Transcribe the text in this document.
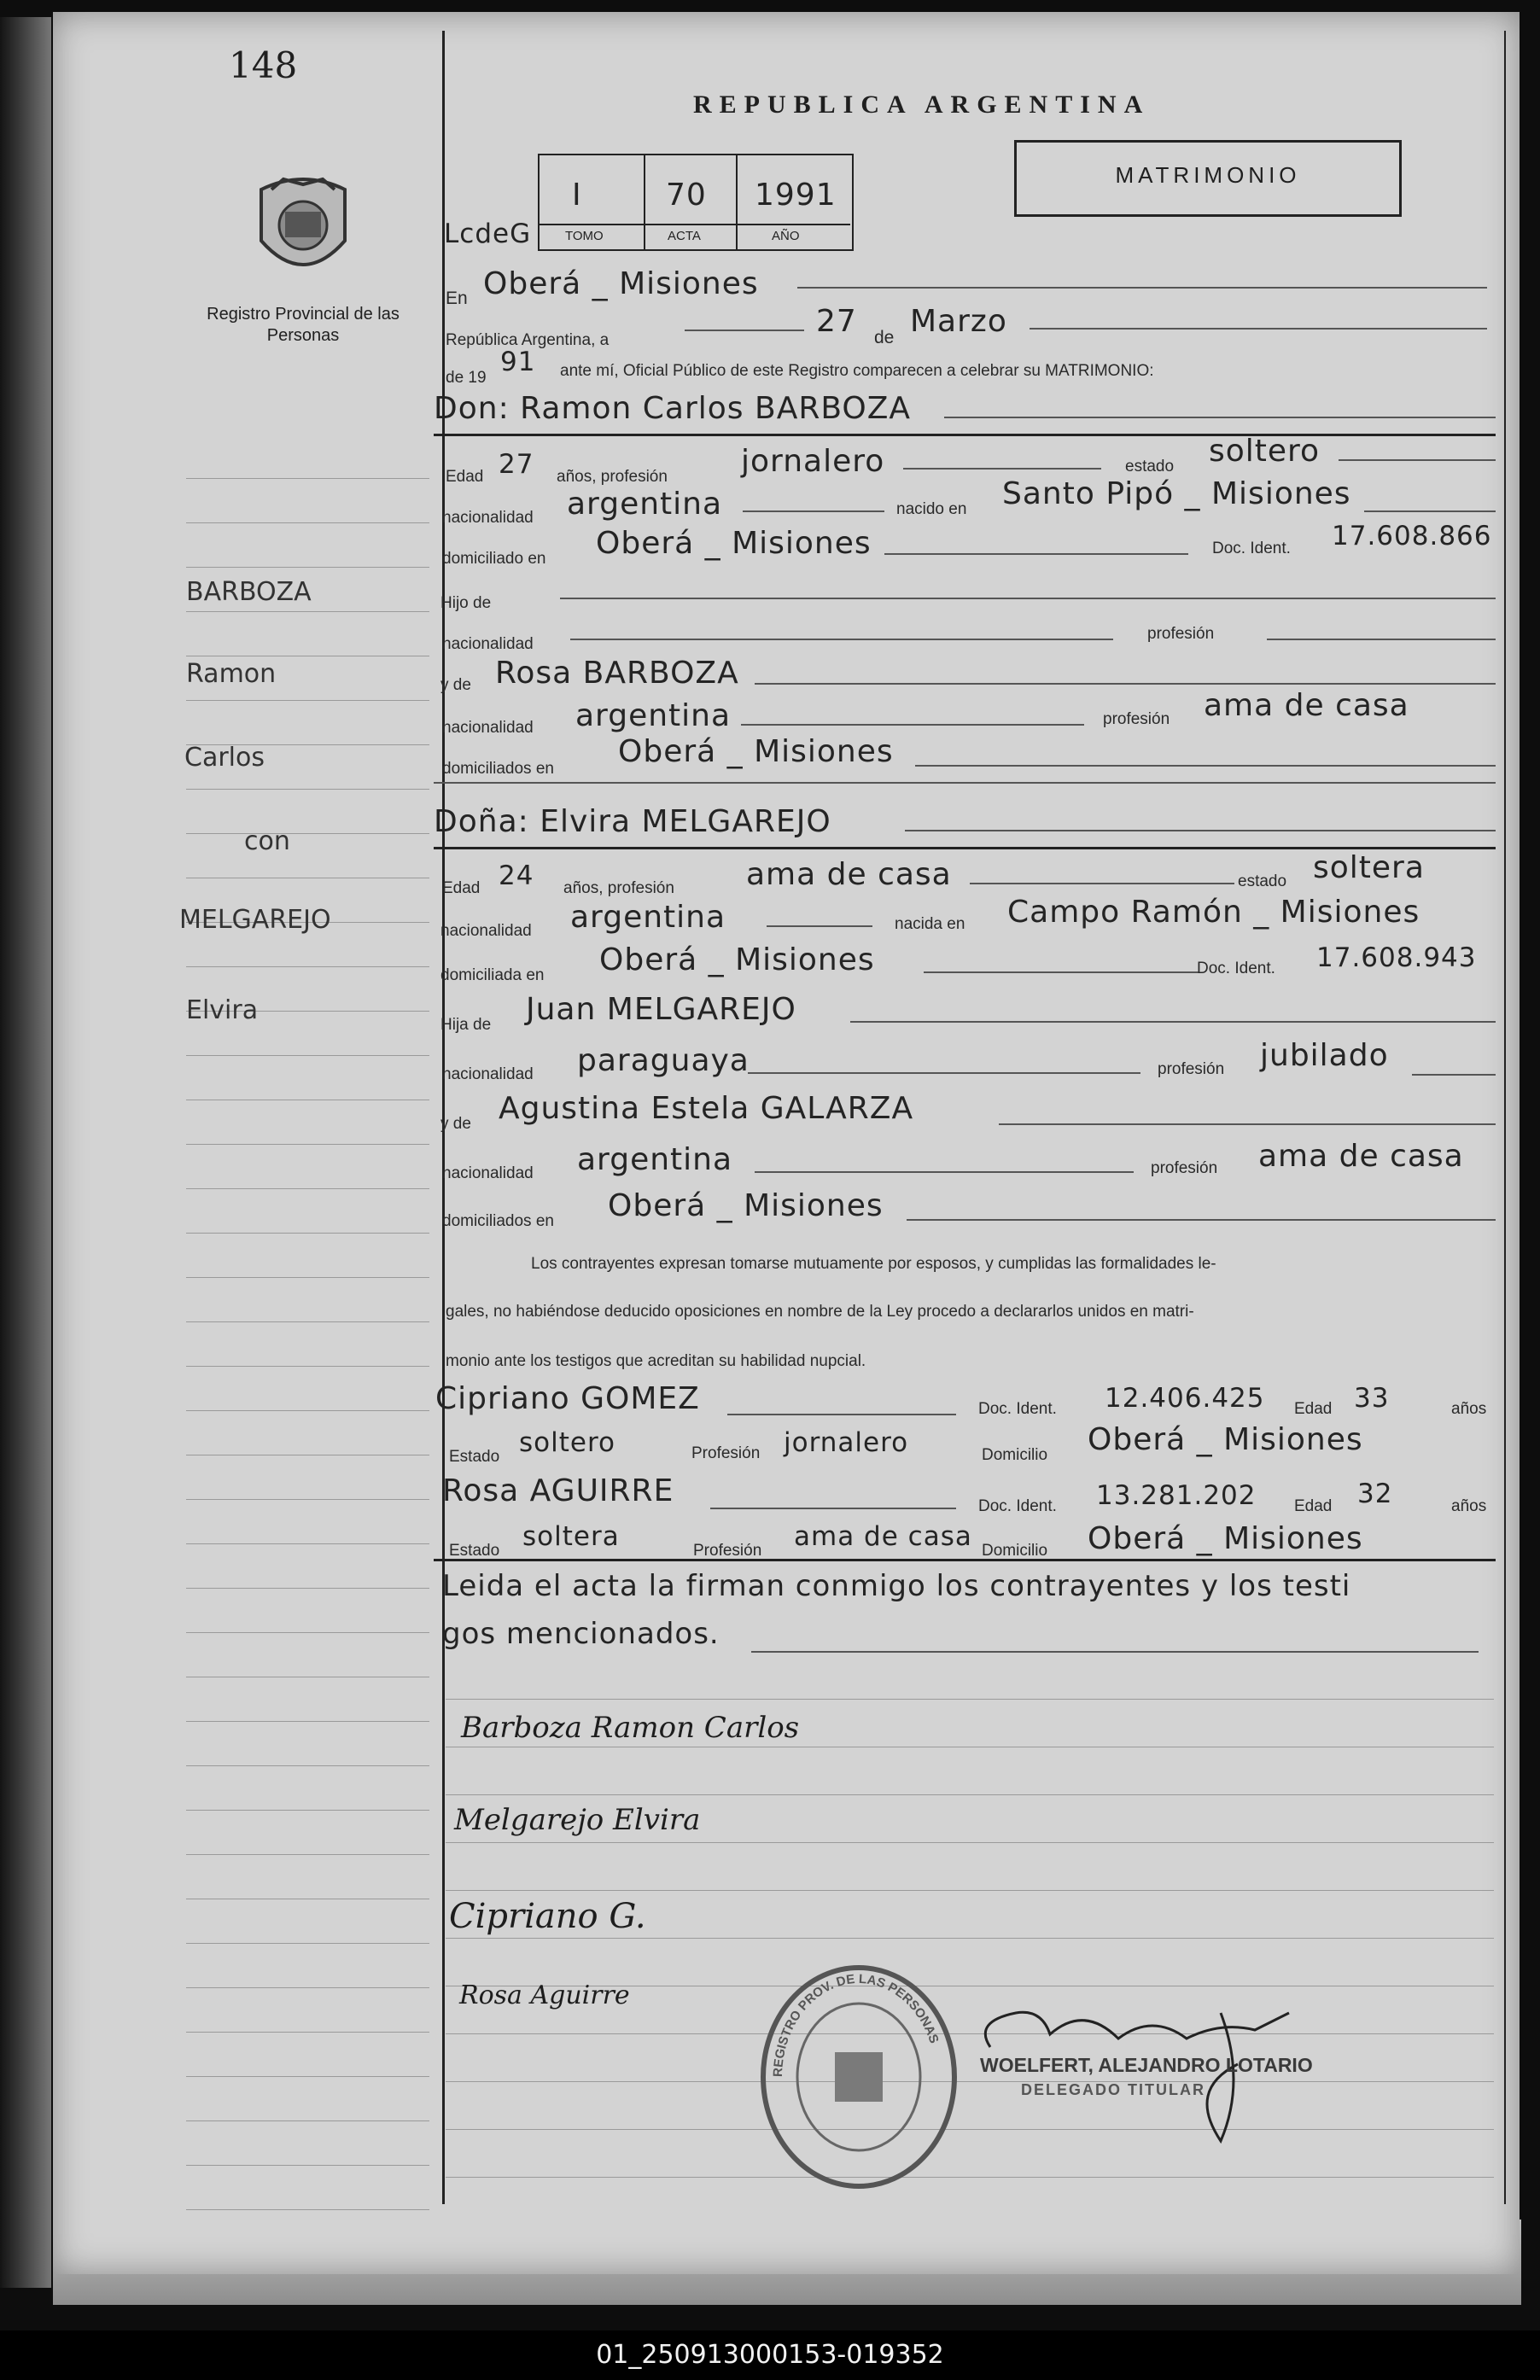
148
Registro Provincial de las Personas
BARBOZA
Ramon
Carlos
con
MELGAREJO
Elvira
REPUBLICA ARGENTINA
MATRIMONIO
LcdeG
I	70 1991
TOMO	ACTA	AÑO
En Oberá _ Misiones
República Argentina, a
27 de Marzo
de 19
91 ante mí, Oficial Público de este Registro comparecen a celebrar su MATRIMONIO:
Don: Ramon Carlos BARBOZA
Edad 27 años, profesión jornalero	estado soltero
nacionalidad argentina	nacido en Santo Pipó _ Misiones
domiciliado en Oberá _ Misiones	Doc. Ident. 17.608.866
Hijo de
nacionalidad
profesión
y de Rosa BARBOZA
nacionalidad argentina	profesión ama de casa
domiciliados en Oberá _ Misiones
Doña: Elvira MELGAREJO
Edad 24 años, profesión ama de casa	estado soltera
nacionalidad argentina	nacida en Campo Ramón _ Misiones
domiciliada en Oberá _ Misiones	Doc. Ident. 17.608.943
Hija de Juan MELGAREJO
nacionalidad paraguaya	profesión jubilado
y de Agustina Estela GALARZA
nacionalidad argentina	profesión ama de casa
domiciliados en Oberá _ Misiones
Los contrayentes expresan tomarse mutuamente por esposos, y cumplidas las formalidades le-
gales, no habiéndose deducido oposiciones en nombre de la Ley procedo a declararlos unidos en matri-
monio ante los testigos que acreditan su habilidad nupcial.
Cipriano GOMEZ	Doc. Ident. 12.406.425 Edad 33	años
Estado soltero	Profesión jornalero	Domicilio Oberá _ Misiones
Rosa AGUIRRE	Doc. Ident. 13.281.202 Edad 32	años
Estado soltera	Profesión ama de casa Domicilio Oberá _ Misiones
Leida el acta la firman conmigo los contrayentes y los testi
gos mencionados.
Barboza Ramon Carlos
Melgarejo Elvira
Cipriano G.
Rosa Aguirre
REGISTRO PROV. DE LAS PERSONAS
WOELFERT, ALEJANDRO LOTARIO
DELEGADO TITULAR
01_250913000153-019352
